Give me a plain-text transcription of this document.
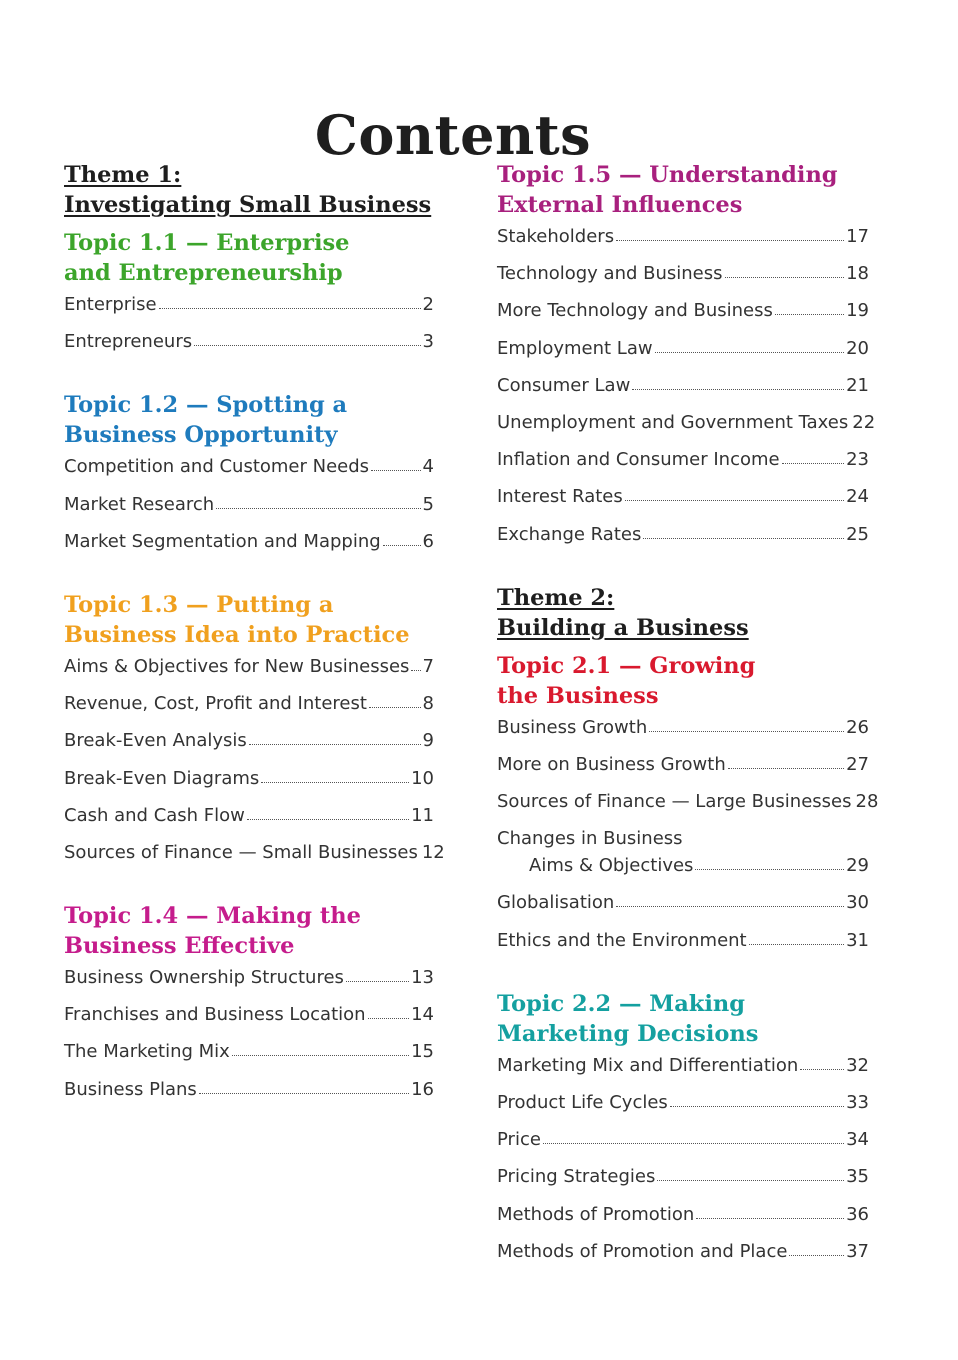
Contents
Theme 1:
Investigating Small Business
Topic 1.1 — Enterprise
and Entrepreneurship
Enterprise	2
Entrepreneurs	3
Topic 1.2 — Spotting a
Business Opportunity
Competition and Customer Needs	4
Market Research	5
Market Segmentation and Mapping 6
Topic 1.3 — Putting a
Business Idea into Practice
Aims & Objectives for New Businesses 7
Revenue, Cost, Profit and Interest	8
Break-Even Analysis	9
Break-Even Diagrams	10
Cash and Cash Flow	11
Sources of Finance — Small Businesses 12
Topic 1.4 — Making the
Business Effective
Business Ownership Structures	13
Franchises and Business Location	14
The Marketing Mix	15
Business Plans	16
Topic 1.5 — Understanding
External Influences
Stakeholders	17
Technology and Business	18
More Technology and Business	19
Employment Law	20
Consumer Law	21
Unemployment and Government Taxes 22
Inflation and Consumer Income	23
Interest Rates	24
Exchange Rates	25
Theme 2:
Building a Business
Topic 2.1 — Growing
the Business
Business Growth	26
More on Business Growth	27
Sources of Finance — Large Businesses 28
Changes in Business
Aims & Objectives	29
Globalisation	30
Ethics and the Environment	31
Topic 2.2 — Making
Marketing Decisions
Marketing Mix and Differentiation	32
Product Life Cycles	33
Price	34
Pricing Strategies	35
Methods of Promotion	36
Methods of Promotion and Place	37
